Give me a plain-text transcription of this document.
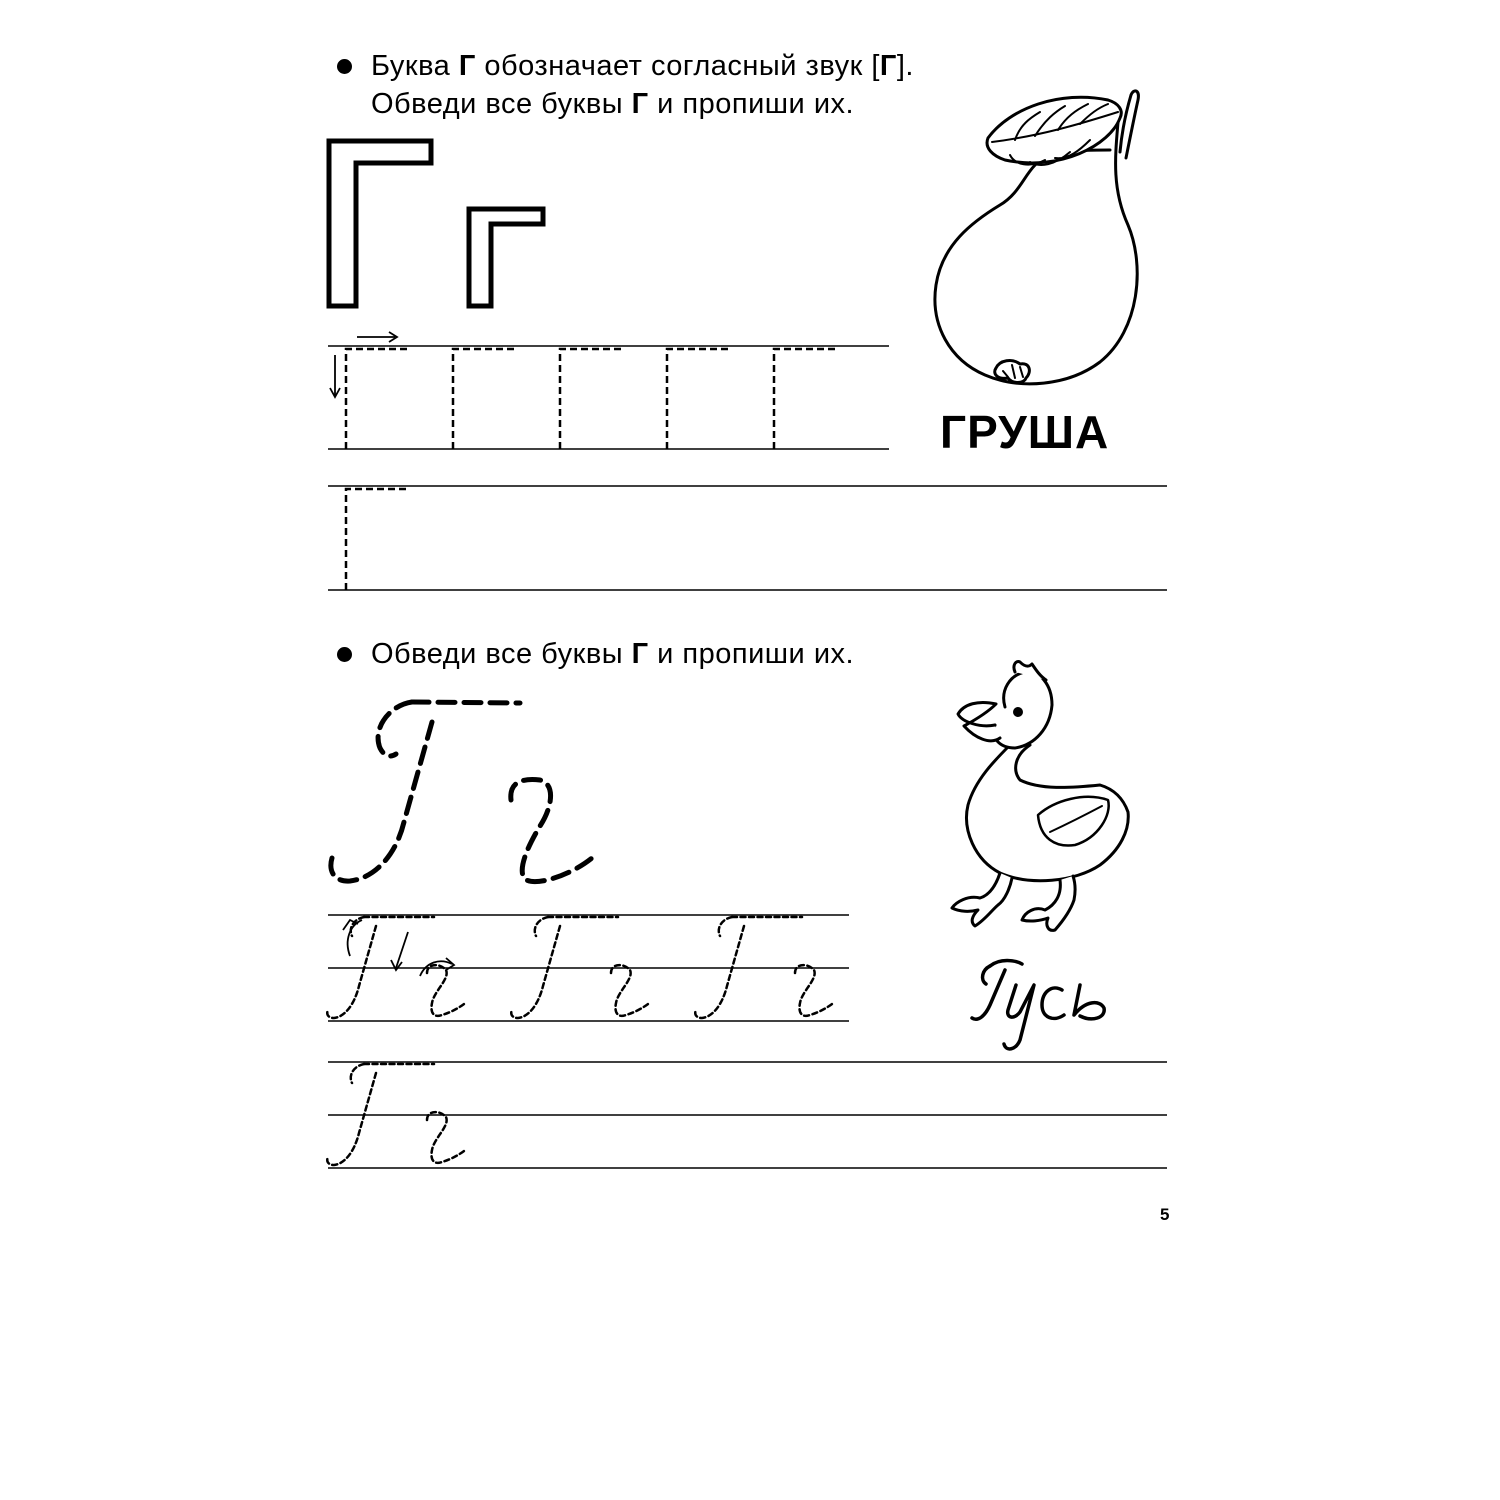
Буква Г обозначает согласный звук [Г].
Обведи все буквы Г и пропиши их.
Обведи все буквы Г и пропиши их.
ГРУША
5
